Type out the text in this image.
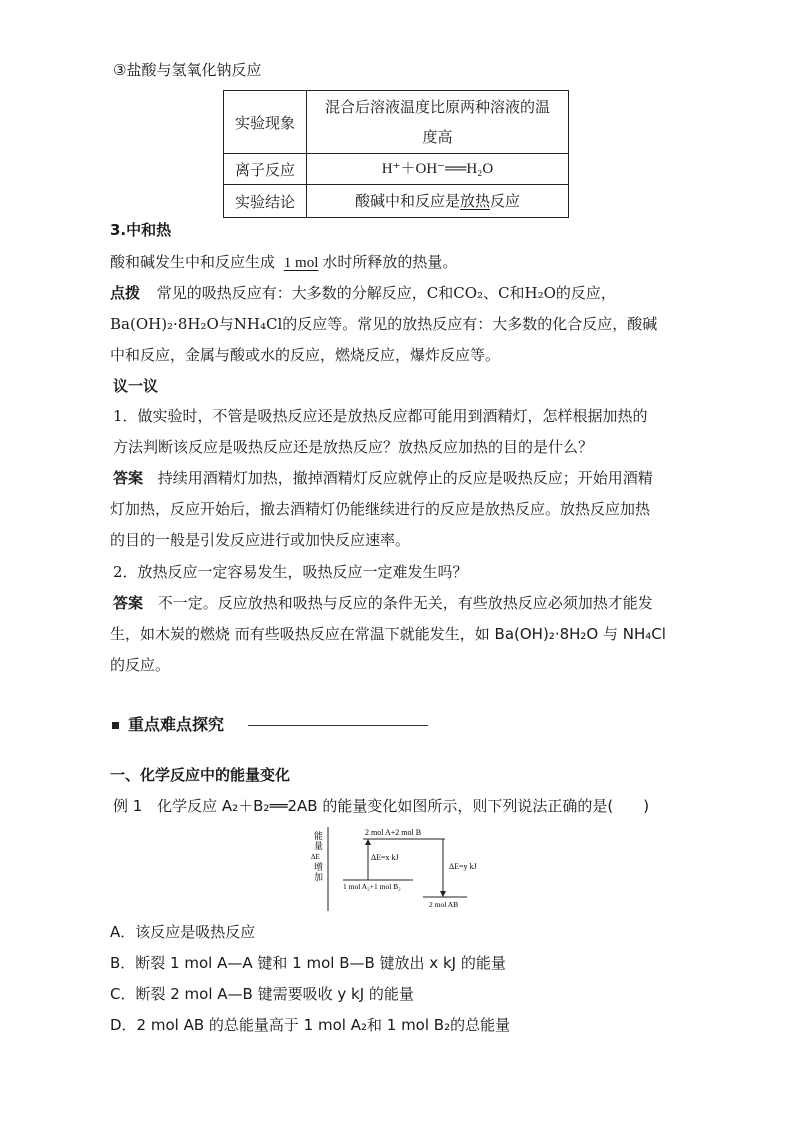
③盐酸与氢氧化钠反应
实验现象	混合后溶液温度比原两种溶液的温
度高

离子反应	H⁺＋OH⁻══H₂O
实验结论	酸碱中和反应是放热反应
3.中和热
酸和碱发生中和反应生成 1 mol 水时所释放的热量。
点拨 常见的吸热反应有：大多数的分解反应，C和CO₂、C和H₂O的反应，
Ba(OH)₂·8H₂O与NH₄Cl的反应等。常见的放热反应有：大多数的化合反应，酸碱
中和反应，金属与酸或水的反应，燃烧反应，爆炸反应等。
议一议
1．做实验时，不管是吸热反应还是放热反应都可能用到酒精灯，怎样根据加热的
方法判断该反应是吸热反应还是放热反应？放热反应加热的目的是什么？
答案 持续用酒精灯加热，撤掉酒精灯反应就停止的反应是吸热反应；开始用酒精
灯加热，反应开始后，撤去酒精灯仍能继续进行的反应是放热反应。放热反应加热
的目的一般是引发反应进行或加快反应速率。
2．放热反应一定容易发生，吸热反应一定难发生吗？
答案 不一定。反应放热和吸热与反应的条件无关，有些放热反应必须加热才能发
生，如木炭的燃烧 而有些吸热反应在常温下就能发生，如 Ba(OH)₂·8H₂O 与 NH₄Cl
的反应。
重点难点探究
一、化学反应中的能量变化
例 1 化学反应 A₂＋B₂══2AB 的能量变化如图所示，则下列说法正确的是(　　)
能
量
ΔE
增
加
2 mol A+2 mol B
1 mol A₂+1 mol B₂
2 mol AB
ΔE=x kJ
ΔE=y kJ
A．该反应是吸热反应
B．断裂 1 mol A—A 键和 1 mol B—B 键放出 x kJ 的能量
C．断裂 2 mol A—B 键需要吸收 y kJ 的能量
D．2 mol AB 的总能量高于 1 mol A₂和 1 mol B₂的总能量
